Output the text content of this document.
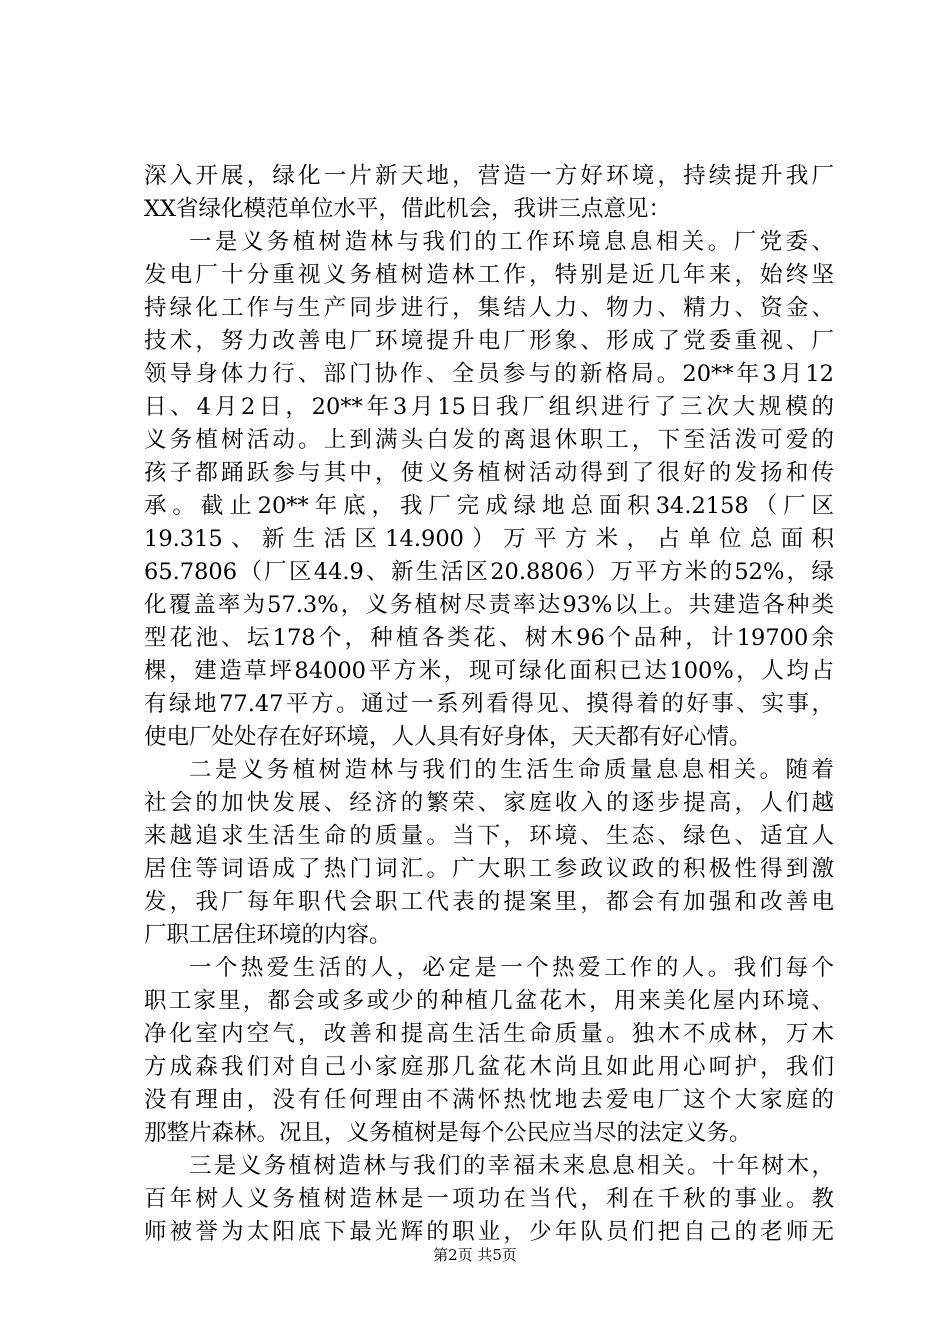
深入开展，绿化一片新天地，营造一方好环境，持续提升我厂
XX省绿化模范单位水平，借此机会，我讲三点意见：
一是义务植树造林与我们的工作环境息息相关。厂党委、
发电厂十分重视义务植树造林工作，特别是近几年来，始终坚
持绿化工作与生产同步进行，集结人力、物力、精力、资金、
技术，努力改善电厂环境提升电厂形象、形成了党委重视、厂
领导身体力行、部门协作、全员参与的新格局。20**年3月12
日、4月2日，20**年3月15日我厂组织进行了三次大规模的
义务植树活动。上到满头白发的离退休职工，下至活泼可爱的
孩子都踊跃参与其中，使义务植树活动得到了很好的发扬和传
承。截止20**年底，我厂完成绿地总面积34.2158（厂区
19.315、新生活区14.900）万平方米，占单位总面积
65.7806（厂区44.9、新生活区20.8806）万平方米的52%，绿
化覆盖率为57.3%，义务植树尽责率达93%以上。共建造各种类
型花池、坛178个，种植各类花、树木96个品种，计19700余
棵，建造草坪84000平方米，现可绿化面积已达100%，人均占
有绿地77.47平方。通过一系列看得见、摸得着的好事、实事，
使电厂处处存在好环境，人人具有好身体，天天都有好心情。
二是义务植树造林与我们的生活生命质量息息相关。随着
社会的加快发展、经济的繁荣、家庭收入的逐步提高，人们越
来越追求生活生命的质量。当下，环境、生态、绿色、适宜人
居住等词语成了热门词汇。广大职工参政议政的积极性得到激
发，我厂每年职代会职工代表的提案里，都会有加强和改善电
厂职工居住环境的内容。
一个热爱生活的人，必定是一个热爱工作的人。我们每个
职工家里，都会或多或少的种植几盆花木，用来美化屋内环境、
净化室内空气，改善和提高生活生命质量。独木不成林，万木
方成森我们对自己小家庭那几盆花木尚且如此用心呵护，我们
没有理由，没有任何理由不满怀热忱地去爱电厂这个大家庭的
那整片森林。况且，义务植树是每个公民应当尽的法定义务。
三是义务植树造林与我们的幸福未来息息相关。十年树木，
百年树人义务植树造林是一项功在当代，利在千秋的事业。教
师被誉为太阳底下最光辉的职业，少年队员们把自己的老师无
第2页 共5页
